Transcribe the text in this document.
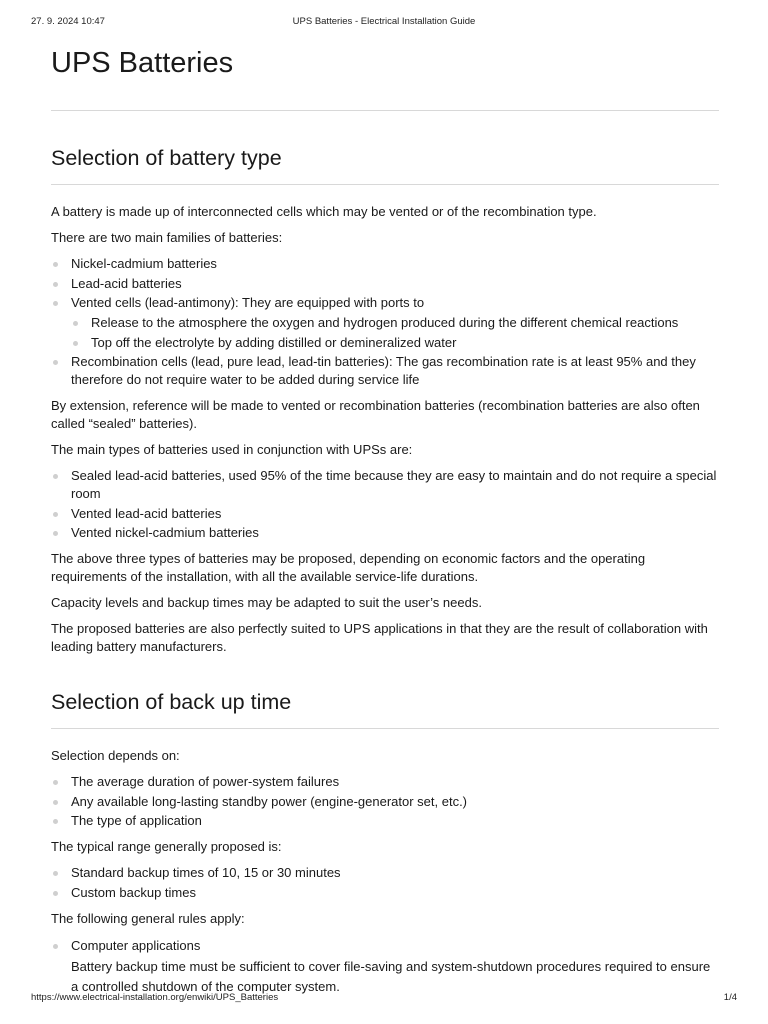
27. 9. 2024 10:47	UPS Batteries - Electrical Installation Guide
UPS Batteries
Selection of battery type

A battery is made up of interconnected cells which may be vented or of the recombination type.

There are two main families of batteries:

Nickel-cadmium batteries
Lead-acid batteries
Vented cells (lead-antimony): They are equipped with ports to
Release to the atmosphere the oxygen and hydrogen produced during the different chemical reactions
Top off the electrolyte by adding distilled or demineralized water
Recombination cells (lead, pure lead, lead-tin batteries): The gas recombination rate is at least 95% and they therefore do not require water to be added during service life

By extension, reference will be made to vented or recombination batteries (recombination batteries are also often called “sealed” batteries).

The main types of batteries used in conjunction with UPSs are:

Sealed lead-acid batteries, used 95% of the time because they are easy to maintain and do not require a special room
Vented lead-acid batteries
Vented nickel-cadmium batteries

The above three types of batteries may be proposed, depending on economic factors and the operating requirements of the installation, with all the available service-life durations.

Capacity levels and backup times may be adapted to suit the user’s needs.

The proposed batteries are also perfectly suited to UPS applications in that they are the result of collaboration with leading battery manufacturers.

Selection of back up time

Selection depends on:

The average duration of power-system failures
Any available long-lasting standby power (engine-generator set, etc.)
The type of application

The typical range generally proposed is:

Standard backup times of 10, 15 or 30 minutes
Custom backup times

The following general rules apply:

Computer applications
Battery backup time must be sufficient to cover file-saving and system-shutdown procedures required to ensure a controlled shutdown of the computer system.
https://www.electrical-installation.org/enwiki/UPS_Batteries	1/4
